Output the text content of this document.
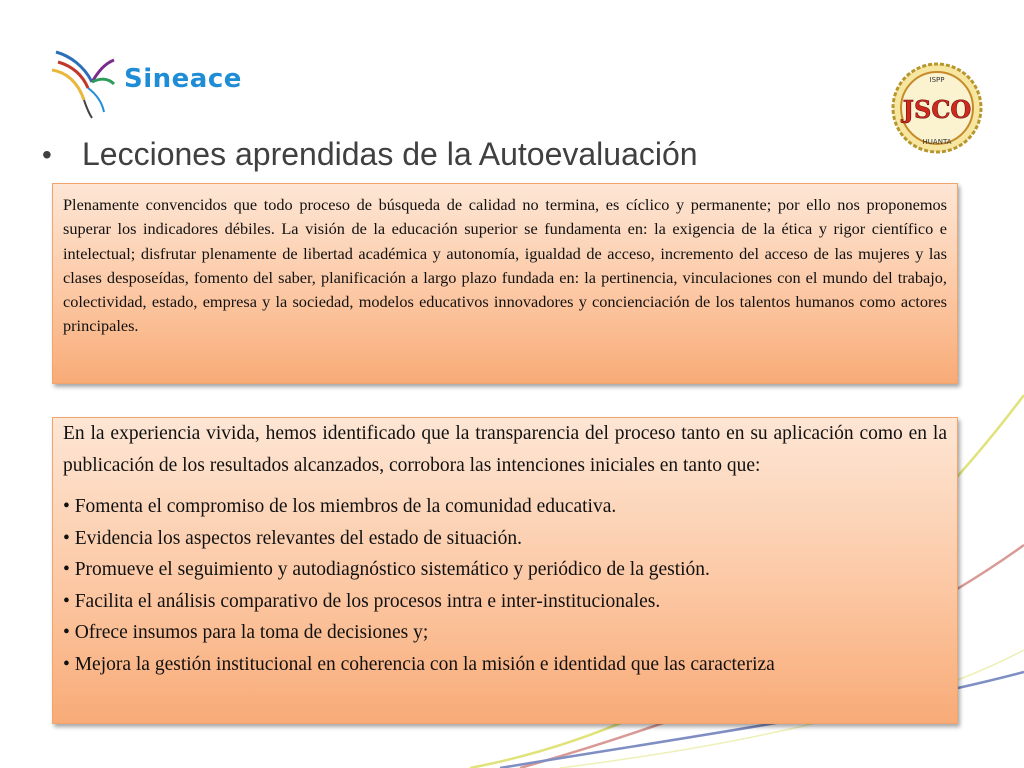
Sineace	ISPP
JSCO
HUANTA
• Lecciones aprendidas de la Autoevaluación

Plenamente convencidos que todo proceso de búsqueda de calidad no termina, es cíclico y permanente; por ello nos proponemos superar los indicadores débiles. La visión de la educación superior se fundamenta en: la exigencia de la ética y rigor científico e intelectual; disfrutar plenamente de libertad académica y autonomía, igualdad de acceso, incremento del acceso de las mujeres y las clases desposeídas, fomento del saber, planificación a largo plazo fundada en: la pertinencia, vinculaciones con el mundo del trabajo, colectividad, estado, empresa y la sociedad, modelos educativos innovadores y concienciación de los talentos humanos como actores principales.

En la experiencia vivida, hemos identificado que la transparencia del proceso tanto en su aplicación como en la publicación de los resultados alcanzados, corrobora las intenciones iniciales en tanto que:

• Fomenta el compromiso de los miembros de la comunidad educativa.
• Evidencia los aspectos relevantes del estado de situación.
• Promueve el seguimiento y autodiagnóstico sistemático y periódico de la gestión.
• Facilita el análisis comparativo de los procesos intra e inter-institucionales.
• Ofrece insumos para la toma de decisiones y;
• Mejora la gestión institucional en coherencia con la misión e identidad que las caracteriza
